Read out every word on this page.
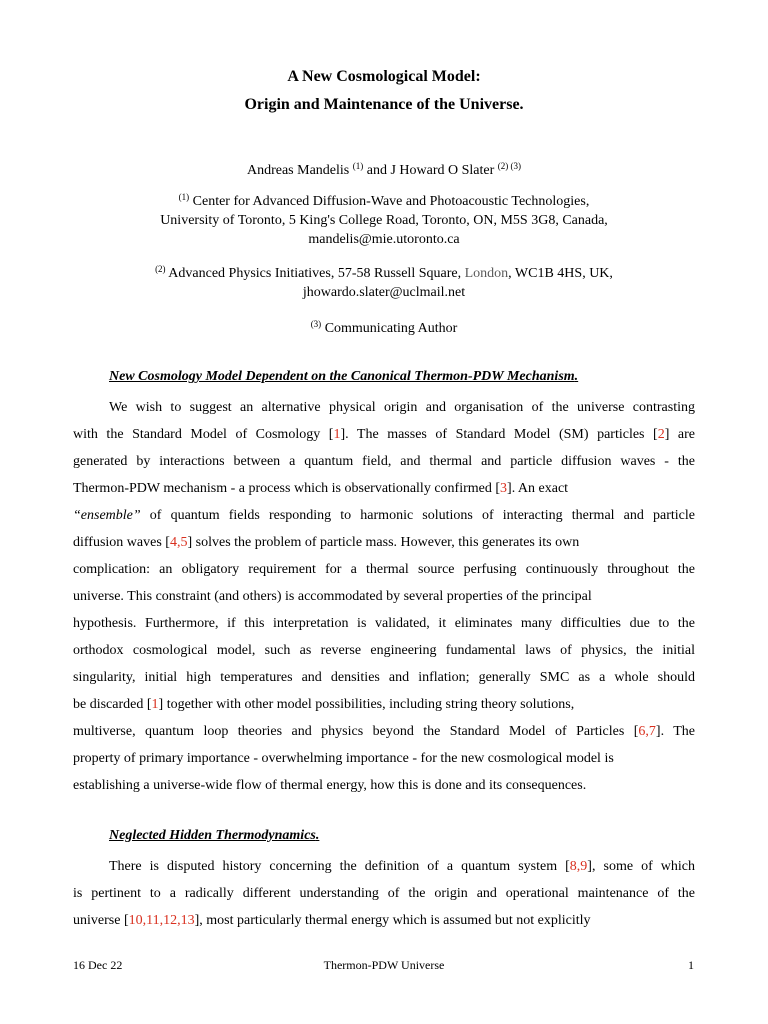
A New Cosmological Model:
Origin and Maintenance of the Universe.
Andreas Mandelis $^{(1)}$ and J Howard O Slater $^{(2) (3)}$
$^{(1)}$ Center for Advanced Diffusion-Wave and Photoacoustic Technologies,
University of Toronto, 5 King's College Road, Toronto, ON, M5S 3G8, Canada,
mandelis@mie.utoronto.ca
$^{(2)}$ Advanced Physics Initiatives, 57-58 Russell Square, London, WC1B 4HS, UK,
jhowardo.slater@uclmail.net
$^{(3)}$ Communicating Author
New Cosmology Model Dependent on the Canonical Thermon-PDW Mechanism.
We wish to suggest an alternative physical origin and organisation of the universe contrasting
with the Standard Model of Cosmology [1]. The masses of Standard Model (SM) particles [2] are
generated by interactions between a quantum field, and thermal and particle diffusion waves - the
Thermon-PDW mechanism - a process which is observationally confirmed [3]. An exact
“ensemble” of quantum fields responding to harmonic solutions of interacting thermal and particle
diffusion waves [4,5] solves the problem of particle mass. However, this generates its own
complication: an obligatory requirement for a thermal source perfusing continuously throughout the
universe. This constraint (and others) is accommodated by several properties of the principal
hypothesis. Furthermore, if this interpretation is validated, it eliminates many difficulties due to the
orthodox cosmological model, such as reverse engineering fundamental laws of physics, the initial
singularity, initial high temperatures and densities and inflation; generally SMC as a whole should
be discarded [1] together with other model possibilities, including string theory solutions,
multiverse, quantum loop theories and physics beyond the Standard Model of Particles [6,7]. The
property of primary importance - overwhelming importance - for the new cosmological model is
establishing a universe-wide flow of thermal energy, how this is done and its consequences.
Neglected Hidden Thermodynamics.
There is disputed history concerning the definition of a quantum system [8,9], some of which
is pertinent to a radically different understanding of the origin and operational maintenance of the
universe [10,11,12,13], most particularly thermal energy which is assumed but not explicitly
16 Dec 22	Thermon-PDW Universe	1
